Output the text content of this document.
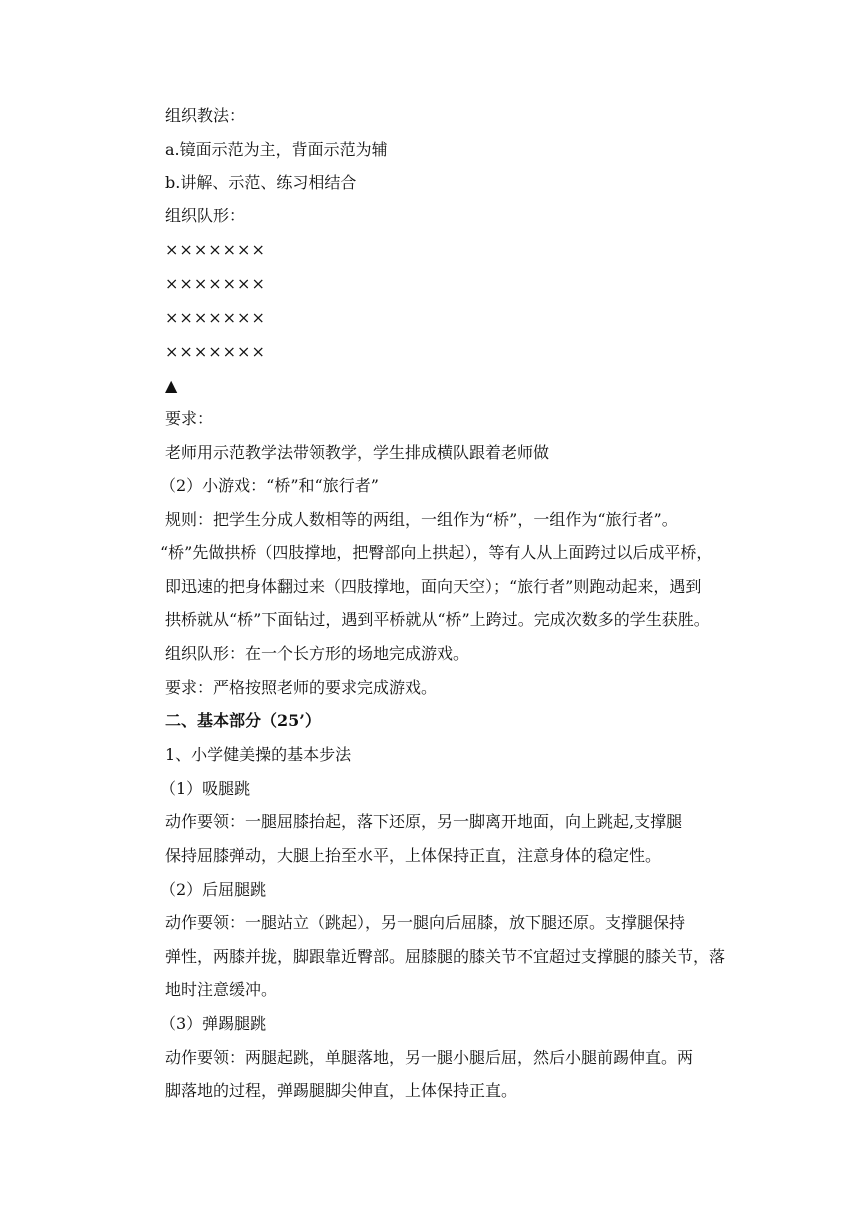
组织教法：
a.镜面示范为主，背面示范为辅
b.讲解、示范、练习相结合
组织队形：
×××××××
×××××××
×××××××
×××××××
▲
要求：
老师用示范教学法带领教学，学生排成横队跟着老师做
（2）小游戏：“桥”和“旅行者”
规则：把学生分成人数相等的两组，一组作为“桥”，一组作为“旅行者”。
“桥”先做拱桥（四肢撑地，把臀部向上拱起），等有人从上面跨过以后成平桥，
即迅速的把身体翻过来（四肢撑地，面向天空）；“旅行者”则跑动起来，遇到
拱桥就从“桥”下面钻过，遇到平桥就从“桥”上跨过。完成次数多的学生获胜。
组织队形：在一个长方形的场地完成游戏。
要求：严格按照老师的要求完成游戏。
二、基本部分（25’）
1、小学健美操的基本步法
（1）吸腿跳
动作要领：一腿屈膝抬起，落下还原，另一脚离开地面，向上跳起,支撑腿
保持屈膝弹动，大腿上抬至水平，上体保持正直，注意身体的稳定性。
（2）后屈腿跳
动作要领：一腿站立（跳起），另一腿向后屈膝，放下腿还原。支撑腿保持
弹性，两膝并拢，脚跟靠近臀部。屈膝腿的膝关节不宜超过支撑腿的膝关节，落
地时注意缓冲。
（3）弹踢腿跳
动作要领：两腿起跳，单腿落地，另一腿小腿后屈，然后小腿前踢伸直。两
脚落地的过程，弹踢腿脚尖伸直，上体保持正直。
